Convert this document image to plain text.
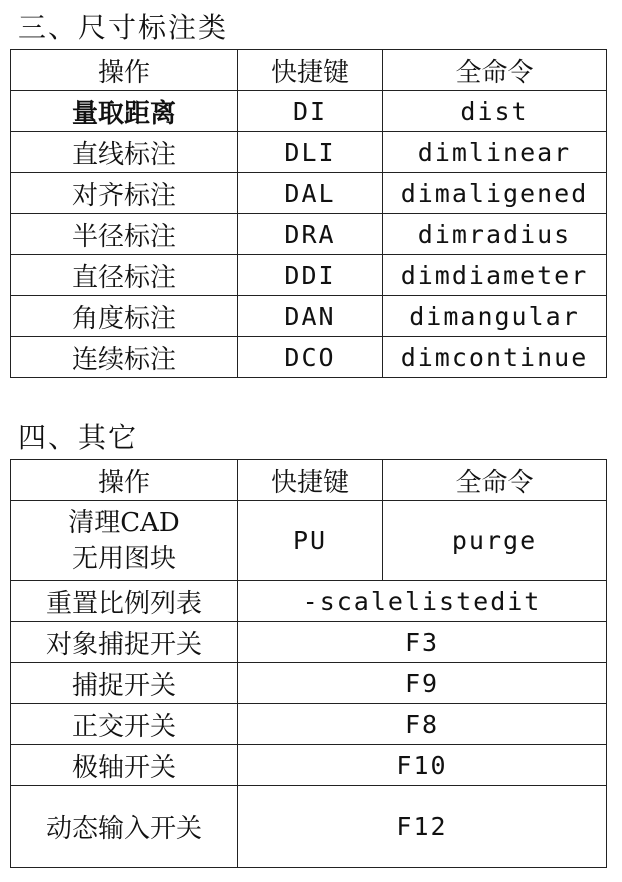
三、尺寸标注类
操作	快捷键	全命令
量取距离	DI	dist
直线标注	DLI	dimlinear
对齐标注	DAL	dimaligened
半径标注	DRA	dimradius
直径标注	DDI	dimdiameter
角度标注	DAN	dimangular
连续标注	DCO	dimcontinue
四、其它
操作	快捷键	全命令

清理CAD
无用图块	PU	purge
重置比例列表	-scalelistedit	
对象捕捉开关	F3	
捕捉开关	F9	
正交开关	F8	
极轴开关	F10	
动态输入开关	F12	
